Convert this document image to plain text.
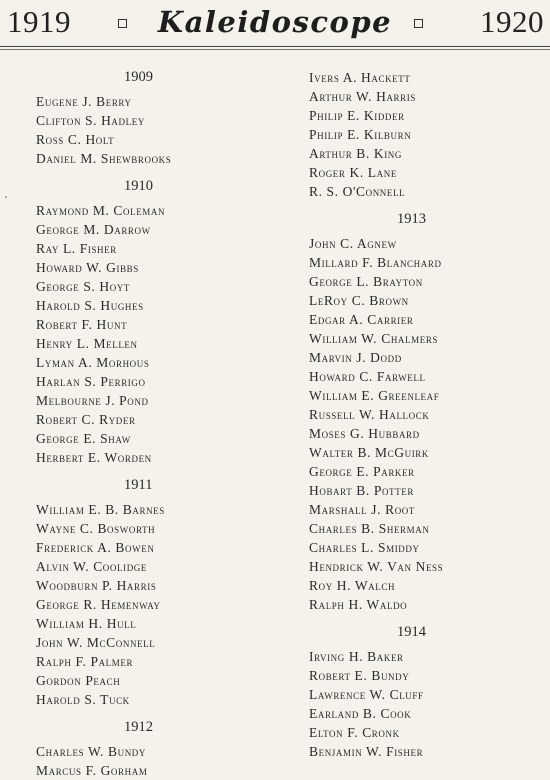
1919	Kaleidoscope	1920
1909
Eugene J. Berry
Clifton S. Hadley
Ross C. Holt
Daniel M. Shewbrooks
1910
Raymond M. Coleman
George M. Darrow
Ray L. Fisher
Howard W. Gibbs
George S. Hoyt
Harold S. Hughes
Robert F. Hunt
Henry L. Mellen
Lyman A. Morhous
Harlan S. Perrigo
Melbourne J. Pond
Robert C. Ryder
George E. Shaw
Herbert E. Worden
1911
William E. B. Barnes
Wayne C. Bosworth
Frederick A. Bowen
Alvin W. Coolidge
Woodburn P. Harris
George R. Hemenway
William H. Hull
John W. McConnell
Ralph F. Palmer
Gordon Peach
Harold S. Tuck
1912
Charles W. Bundy
Marcus F. Gorham
Ivers A. Hackett
Arthur W. Harris
Philip E. Kidder
Philip E. Kilburn
Arthur B. King
Roger K. Lane
R. S. O'Connell
1913
John C. Agnew
Millard F. Blanchard
George L. Brayton
LeRoy C. Brown
Edgar A. Carrier
William W. Chalmers
Marvin J. Dodd
Howard C. Farwell
William E. Greenleaf
Russell W. Hallock
Moses G. Hubbard
Walter B. McGuirk
George E. Parker
Hobart B. Potter
Marshall J. Root
Charles B. Sherman
Charles L. Smiddy
Hendrick W. Van Ness
Roy H. Walch
Ralph H. Waldo
1914
Irving H. Baker
Robert E. Bundy
Lawrence W. Cluff
Earland B. Cook
Elton F. Cronk
Benjamin W. Fisher
